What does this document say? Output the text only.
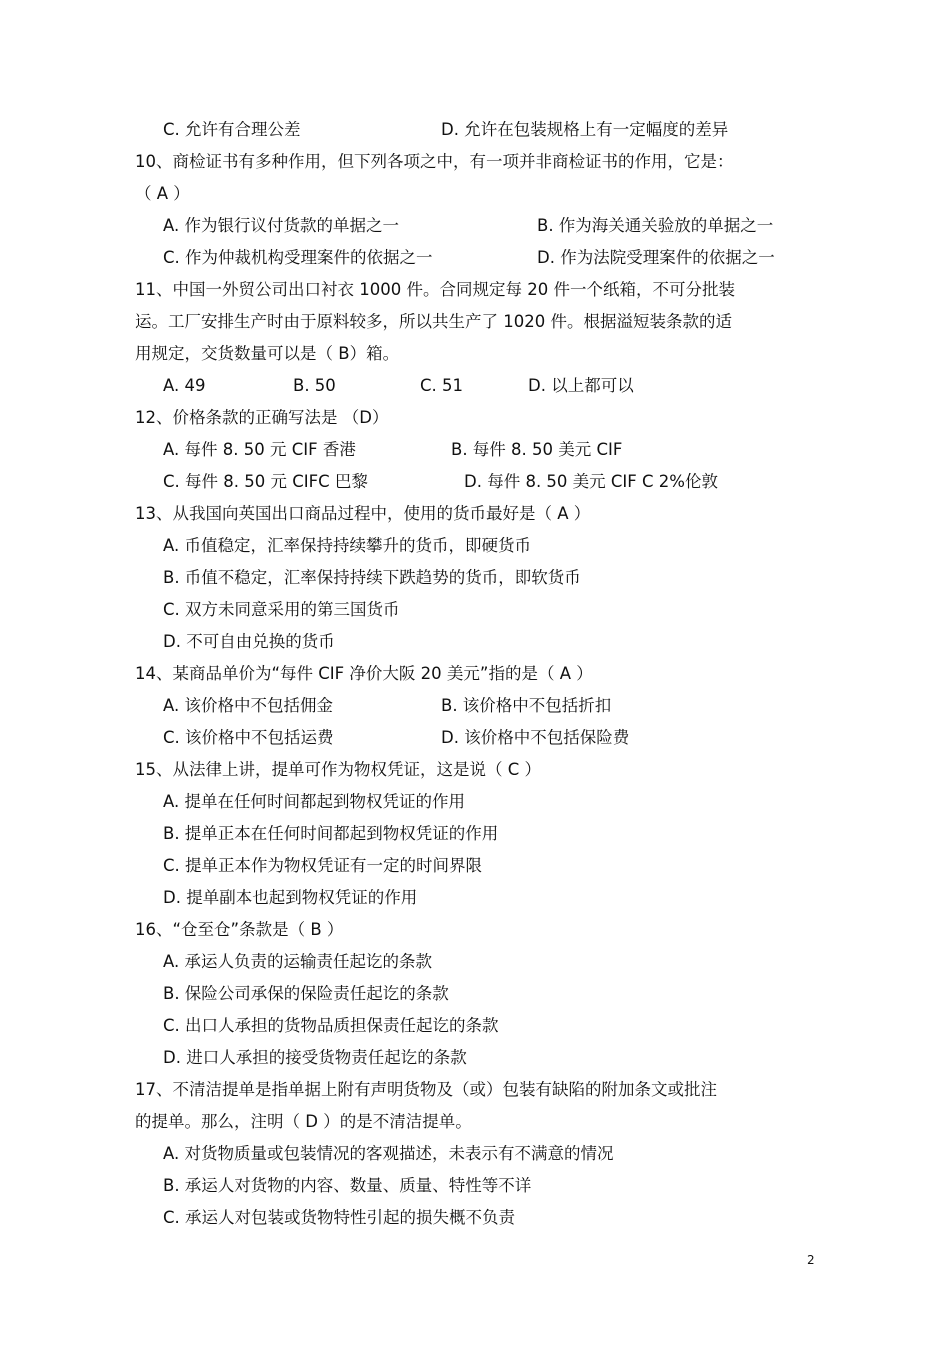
C. 允许有合理公差	D. 允许在包装规格上有一定幅度的差异
10、商检证书有多种作用，但下列各项之中，有一项并非商检证书的作用，它是：
（ A ）
A. 作为银行议付货款的单据之一	B. 作为海关通关验放的单据之一
C. 作为仲裁机构受理案件的依据之一	D. 作为法院受理案件的依据之一
11、中国一外贸公司出口衬衣 1000 件。合同规定每 20 件一个纸箱，不可分批装
运。工厂安排生产时由于原料较多，所以共生产了 1020 件。根据溢短装条款的适
用规定，交货数量可以是（ B）箱。
A. 49	B. 50	C. 51	D. 以上都可以
12、价格条款的正确写法是 （D）
A. 每件 8. 50 元 CIF 香港	B. 每件 8. 50 美元 CIF
C. 每件 8. 50 元 CIFC 巴黎	D. 每件 8. 50 美元 CIF C 2%伦敦
13、从我国向英国出口商品过程中，使用的货币最好是（ A ）
A. 币值稳定，汇率保持持续攀升的货币，即硬货币
B. 币值不稳定，汇率保持持续下跌趋势的货币，即软货币
C. 双方未同意采用的第三国货币
D. 不可自由兑换的货币
14、某商品单价为“每件 CIF 净价大阪 20 美元”指的是（ A ）
A. 该价格中不包括佣金	B. 该价格中不包括折扣
C. 该价格中不包括运费	D. 该价格中不包括保险费
15、从法律上讲，提单可作为物权凭证，这是说（ C ）
A. 提单在任何时间都起到物权凭证的作用
B. 提单正本在任何时间都起到物权凭证的作用
C. 提单正本作为物权凭证有一定的时间界限
D. 提单副本也起到物权凭证的作用
16、“仓至仓”条款是（ B ）
A. 承运人负责的运输责任起讫的条款
B. 保险公司承保的保险责任起讫的条款
C. 出口人承担的货物品质担保责任起讫的条款
D. 进口人承担的接受货物责任起讫的条款
17、不清洁提单是指单据上附有声明货物及（或）包装有缺陷的附加条文或批注
的提单。那么，注明（ D ）的是不清洁提单。
A. 对货物质量或包装情况的客观描述，未表示有不满意的情况
B. 承运人对货物的内容、数量、质量、特性等不详
C. 承运人对包装或货物特性引起的损失概不负责
2
